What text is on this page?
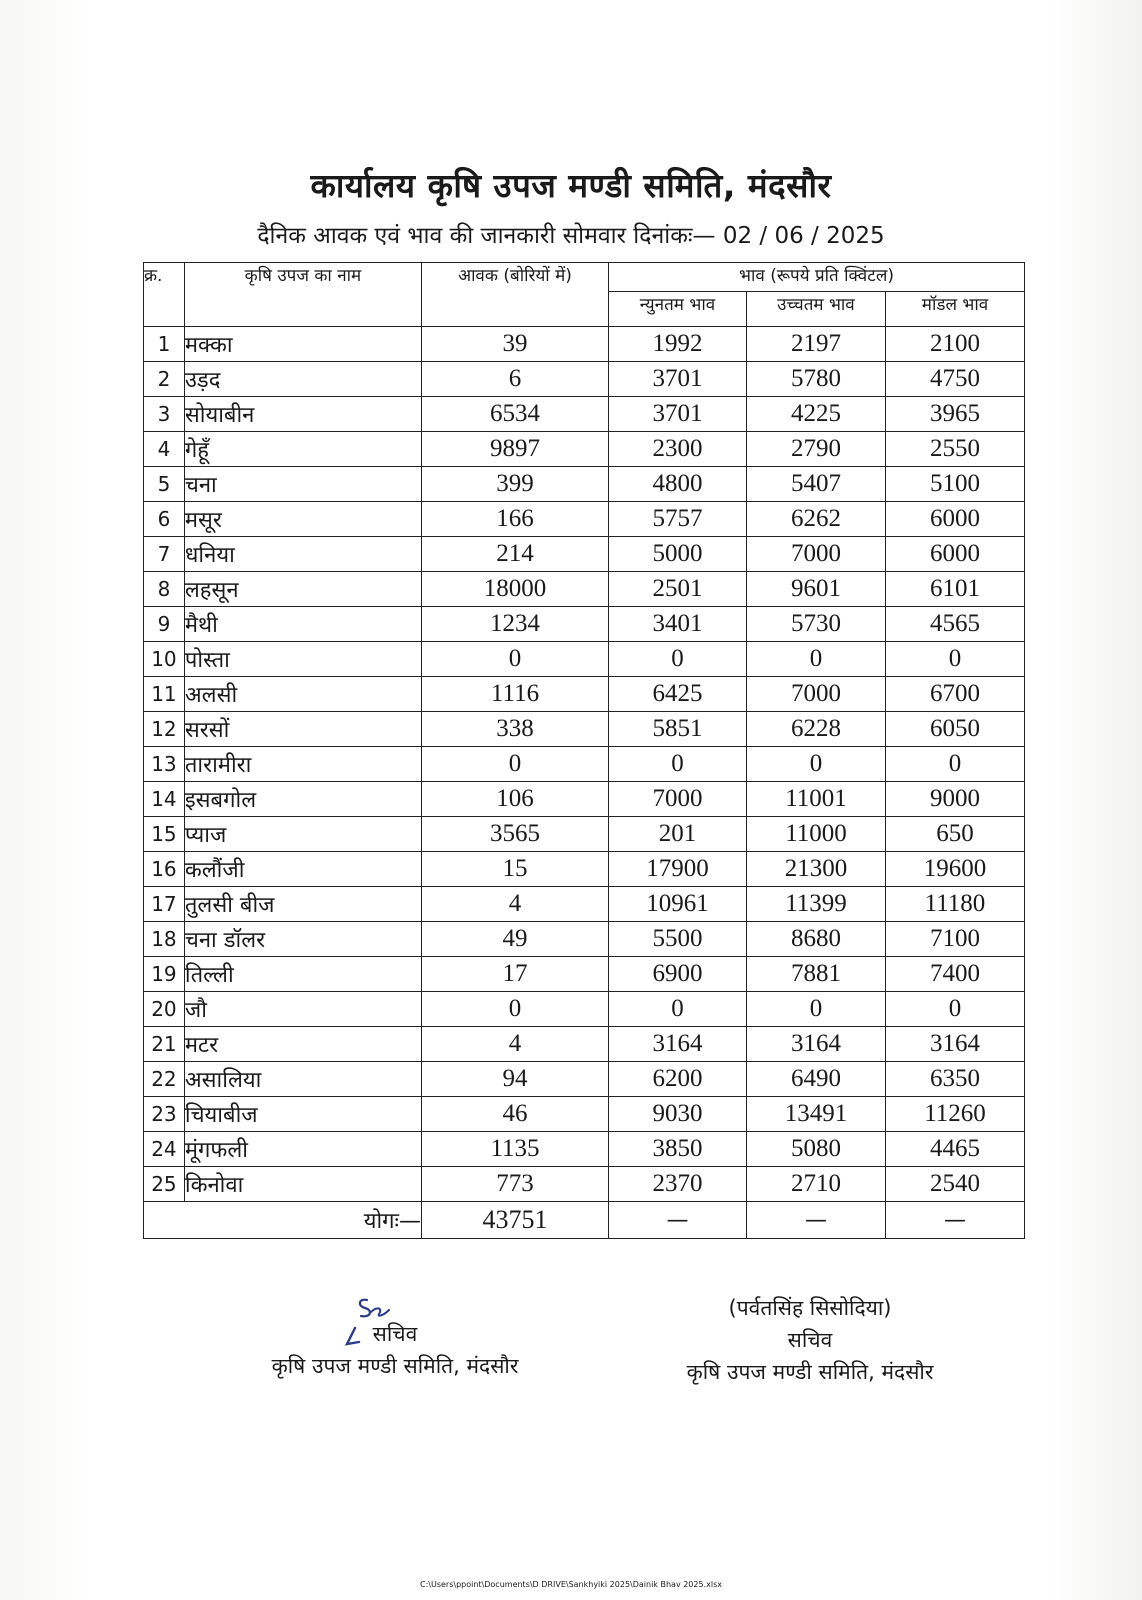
कार्यालय कृषि उपज मण्डी समिति, मंदसौर
दैनिक आवक एवं भाव की जानकारी सोमवार दिनांकः— 02 / 06 / 2025
क्र.	कृषि उपज का नाम	आवक (बोरियों में)	भाव (रूपये प्रति क्विंटल)		
			न्युनतम भाव	उच्चतम भाव	मॉडल भाव
1	मक्का	39	1992	2197	2100
2	उड़द	6	3701	5780	4750
3	सोयाबीन	6534	3701	4225	3965
4	गेहूँ	9897	2300	2790	2550
5	चना	399	4800	5407	5100
6	मसूर	166	5757	6262	6000
7	धनिया	214	5000	7000	6000
8	लहसून	18000	2501	9601	6101
9	मैथी	1234	3401	5730	4565
10	पोस्ता	0	0	0	0
11	अलसी	1116	6425	7000	6700
12	सरसों	338	5851	6228	6050
13	तारामीरा	0	0	0	0
14	इसबगोल	106	7000	11001	9000
15	प्याज	3565	201	11000	650
16	कलौंजी	15	17900	21300	19600
17	तुलसी बीज	4	10961	11399	11180
18	चना डॉलर	49	5500	8680	7100
19	तिल्ली	17	6900	7881	7400
20	जौ	0	0	0	0
21	मटर	4	3164	3164	3164
22	असालिया	94	6200	6490	6350
23	चियाबीज	46	9030	13491	11260
24	मूंगफली	1135	3850	5080	4465
25	किनोवा	773	2370	2710	2540
योगः—		43751	—	—	—
सचिव
कृषि उपज मण्डी समिति, मंदसौर
(पर्वतसिंह सिसोदिया)
सचिव
कृषि उपज मण्डी समिति, मंदसौर
C:\Users\ppoint\Documents\D DRIVE\Sankhyiki 2025\Dainik Bhav 2025.xlsx
